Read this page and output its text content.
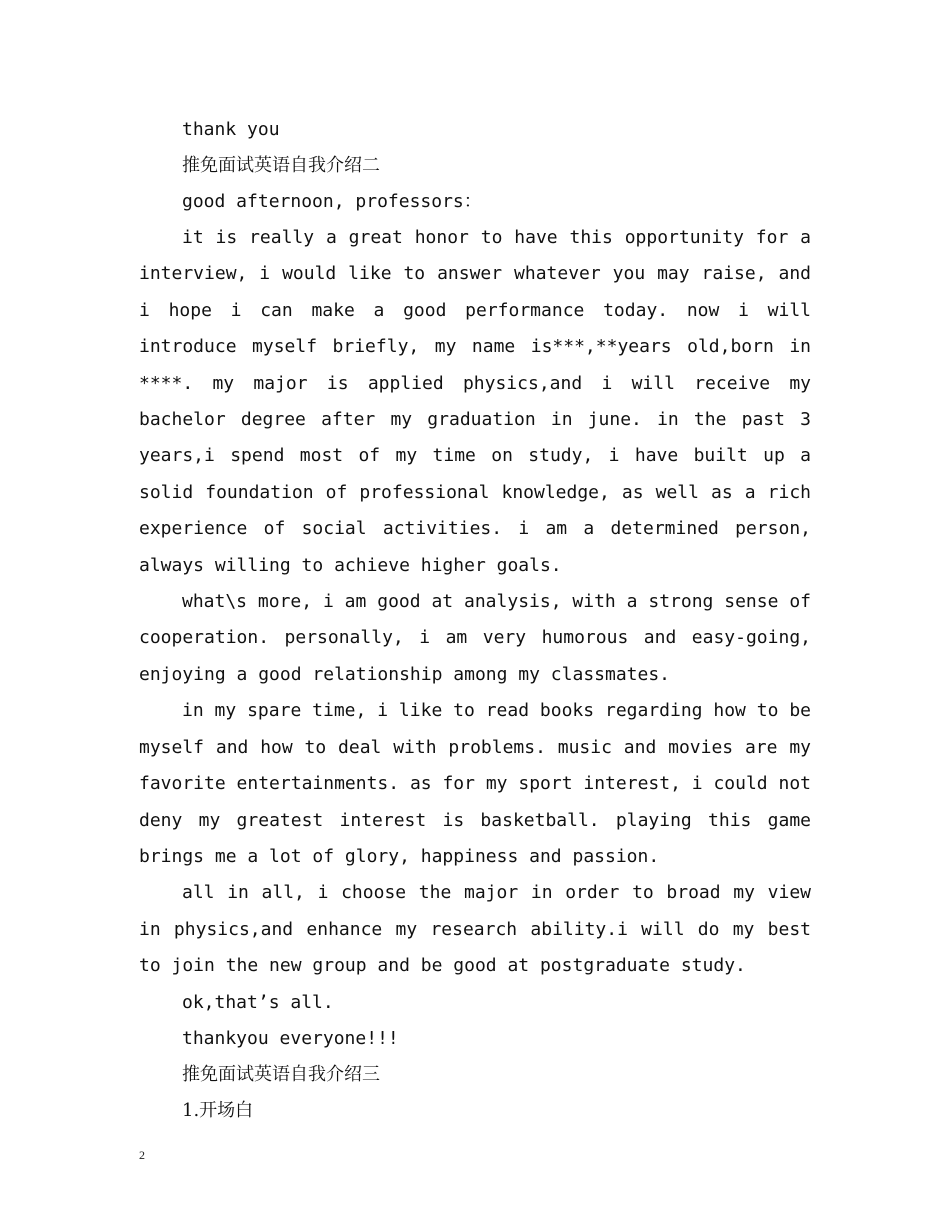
thank you

推免面试英语自我介绍二

good afternoon, professors：

it is really a great honor to have this opportunity for a interview, i would like to answer whatever you may raise, and i hope i can make a good performance today. now i will introduce myself briefly, my name is***,**years old,born in ****. my major is applied physics,and i will receive my bachelor degree after my graduation in june. in the past 3 years,i spend most of my time on study, i have built up a solid foundation of professional knowledge, as well as a rich experience of social activities. i am a determined person, always willing to achieve higher goals.

what\s more, i am good at analysis, with a strong sense of cooperation. personally, i am very humorous and easy-going, enjoying a good relationship among my classmates.

in my spare time, i like to read books regarding how to be myself and how to deal with problems. music and movies are my favorite entertainments. as for my sport interest, i could not deny my greatest interest is basketball. playing this game brings me a lot of glory, happiness and passion.

all in all, i choose the major in order to broad my view in physics,and enhance my research ability.i will do my best to join the new group and be good at postgraduate study.

ok,that’s all.

thankyou everyone!!!

推免面试英语自我介绍三

1.开场白

2
